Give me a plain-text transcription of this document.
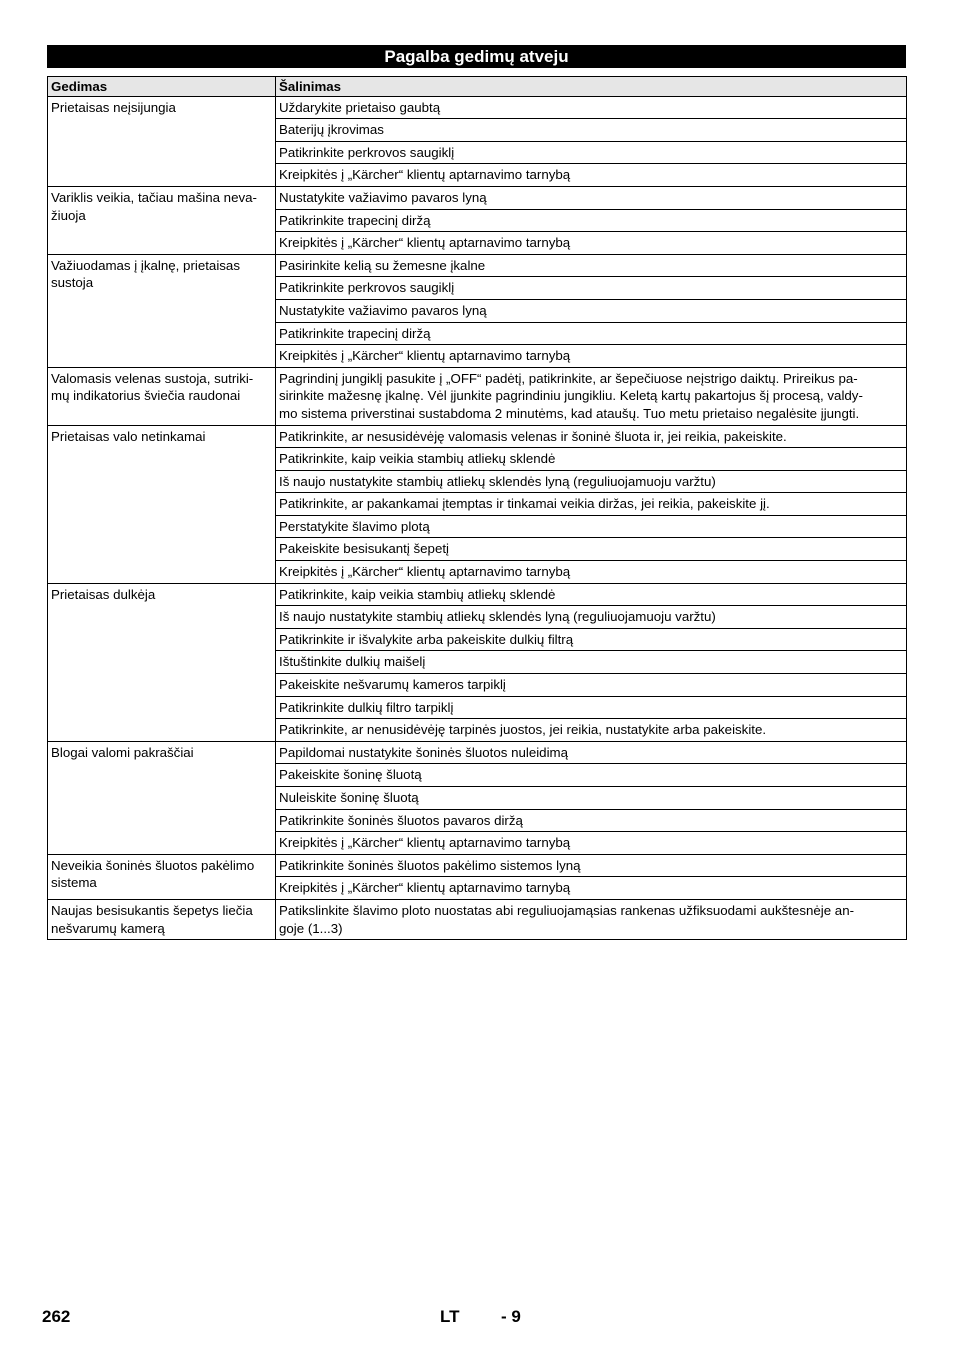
Pagalba gedimų atveju
Gedimas	Šalinimas
Prietaisas neįsijungia	Uždarykite prietaiso gaubtą
	Baterijų įkrovimas
	Patikrinkite perkrovos saugiklį
	Kreipkitės į „Kärcher“ klientų aptarnavimo tarnybą
Variklis veikia, tačiau mašina neva-
žiuoja	Nustatykite važiavimo pavaros lyną
	Patikrinkite trapecinį diržą
	Kreipkitės į „Kärcher“ klientų aptarnavimo tarnybą
Važiuodamas į įkalnę, prietaisas
sustoja	Pasirinkite kelią su žemesne įkalne
	Patikrinkite perkrovos saugiklį
	Nustatykite važiavimo pavaros lyną
	Patikrinkite trapecinį diržą
	Kreipkitės į „Kärcher“ klientų aptarnavimo tarnybą
Valomasis velenas sustoja, sutriki-
mų indikatorius šviečia raudonai	Pagrindinį jungiklį pasukite į „OFF“ padėtį, patikrinkite, ar šepečiuose neįstrigo daiktų. Prireikus pa-
sirinkite mažesnę įkalnę. Vėl įjunkite pagrindiniu jungikliu. Keletą kartų pakartojus šį procesą, valdy-
mo sistema priverstinai sustabdoma 2 minutėms, kad ataušų. Tuo metu prietaiso negalėsite įjungti.
Prietaisas valo netinkamai	Patikrinkite, ar nesusidėvėję valomasis velenas ir šoninė šluota ir, jei reikia, pakeiskite.
	Patikrinkite, kaip veikia stambių atliekų sklendė
	Iš naujo nustatykite stambių atliekų sklendės lyną (reguliuojamuoju varžtu)
	Patikrinkite, ar pakankamai įtemptas ir tinkamai veikia diržas, jei reikia, pakeiskite jį.
	Perstatykite šlavimo plotą
	Pakeiskite besisukantį šepetį
	Kreipkitės į „Kärcher“ klientų aptarnavimo tarnybą
Prietaisas dulkėja	Patikrinkite, kaip veikia stambių atliekų sklendė
	Iš naujo nustatykite stambių atliekų sklendės lyną (reguliuojamuoju varžtu)
	Patikrinkite ir išvalykite arba pakeiskite dulkių filtrą
	Ištuštinkite dulkių maišelį
	Pakeiskite nešvarumų kameros tarpiklį
	Patikrinkite dulkių filtro tarpiklį
	Patikrinkite, ar nenusidėvėję tarpinės juostos, jei reikia, nustatykite arba pakeiskite.
Blogai valomi pakraščiai	Papildomai nustatykite šoninės šluotos nuleidimą
	Pakeiskite šoninę šluotą
	Nuleiskite šoninę šluotą
	Patikrinkite šoninės šluotos pavaros diržą
	Kreipkitės į „Kärcher“ klientų aptarnavimo tarnybą
Neveikia šoninės šluotos pakėlimo
sistema	Patikrinkite šoninės šluotos pakėlimo sistemos lyną
	Kreipkitės į „Kärcher“ klientų aptarnavimo tarnybą
Naujas besisukantis šepetys liečia
nešvarumų kamerą	Patikslinkite šlavimo ploto nuostatas abi reguliuojamąsias rankenas užfiksuodami aukštesnėje an-
goje (1...3)
262	LT - 9
